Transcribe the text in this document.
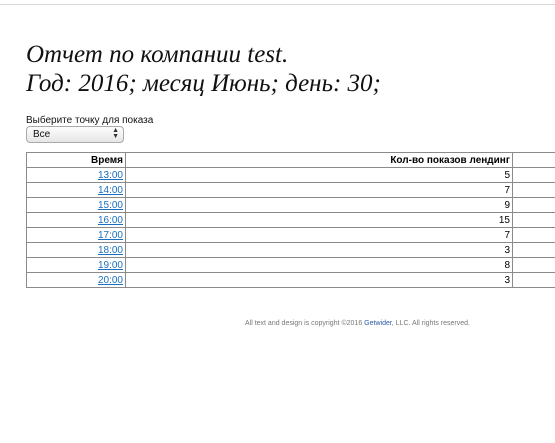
Отчет по компании test.
Год: 2016; месяц Июнь; день: 30;
Выберите точку для показа
Все	▲
▼
Время	Кол-во показов лендинг	
13:00	5	
14:00	7	
15:00	9	
16:00	15	
17:00	7	
18:00	3	
19:00	8	
20:00	3	
All text and design is copyright ©2016 Getwider, LLC. All rights reserved.
